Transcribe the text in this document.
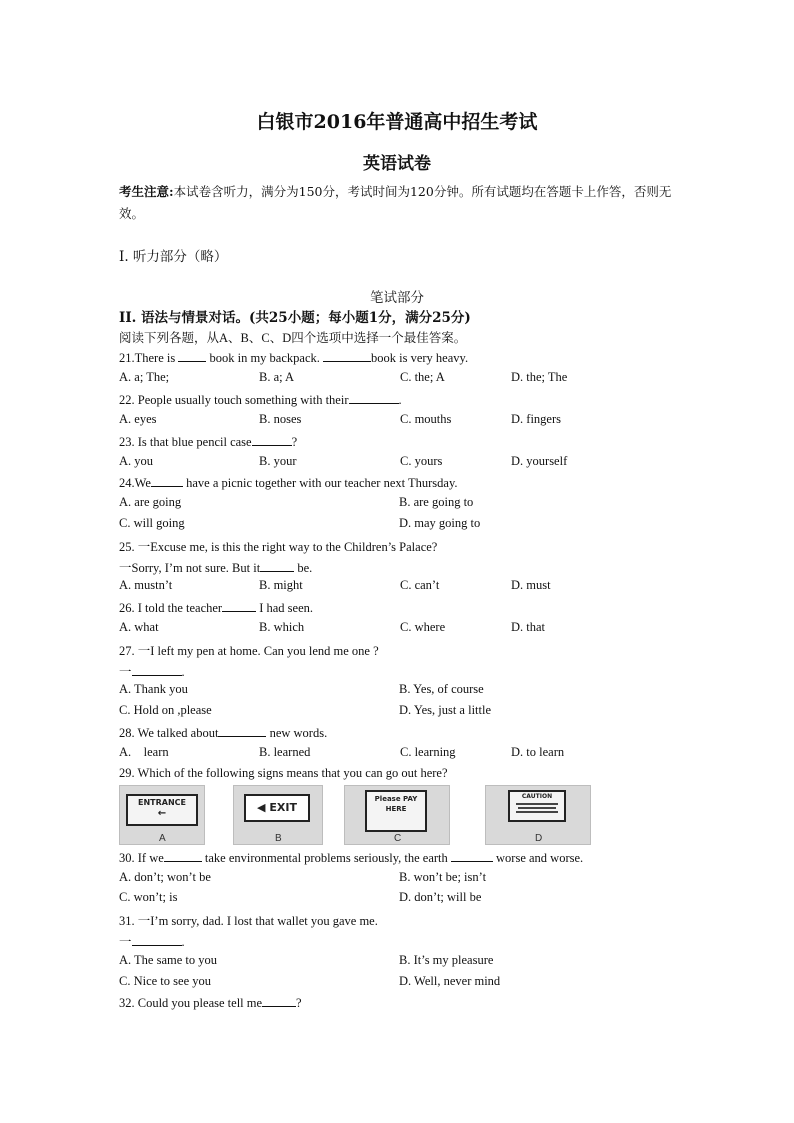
白银市2016年普通高中招生考试
英语试卷
考生注意:本试卷含听力，满分为150分，考试时间为120分钟。所有试题均在答题卡上作答，否则无效。
I. 听力部分（略）
笔试部分
II. 语法与情景对话。(共25小题；每小题1分，满分25分)
阅读下列各题，从A、B、C、D四个选项中选择一个最佳答案。
21.There is  book in my backpack.	book is very heavy.
A. a; The;	B. a; A	C. the; A	D. the; The
22. People usually touch something with their	.
A. eyes	B. noses	C. mouths	D. fingers
23. Is that blue pencil case	?
A. you	B. your	C. yours	D. yourself
24.We	have a picnic together with our teacher next Thursday.
A. are going	B. are going to
C. will going	D. may going to
25. 一Excuse me, is this the right way to the Children’s Palace?
一Sorry, I’m not sure. But it	be.
A. mustn’t	B. might	C. can’t	D. must
26. I told the teacher	I had seen.
A. what	B. which	C. where	D. that
27. 一I left my pen at home. Can you lend me one ?
一	.
A. Thank you	B. Yes, of course
C. Hold on ,please	D. Yes, just a little
28. We talked about	new words.
A.    learn	B. learned	C. learning	D. to learn
29. Which of the following signs means that you can go out here?
ENTRANCE
←
A
◀ EXIT
B
Please PAY HERE
C
CAUTION
D
30. If we	take environmental problems seriously, the earth	worse and worse.
A. don’t; won’t be	B. won’t be; isn’t
C. won’t; is	D. don’t; will be
31. 一I’m sorry, dad. I lost that wallet you gave me.
一	.
A. The same to you	B. It’s my pleasure
C. Nice to see you	D. Well, never mind
32. Could you please tell me	?
